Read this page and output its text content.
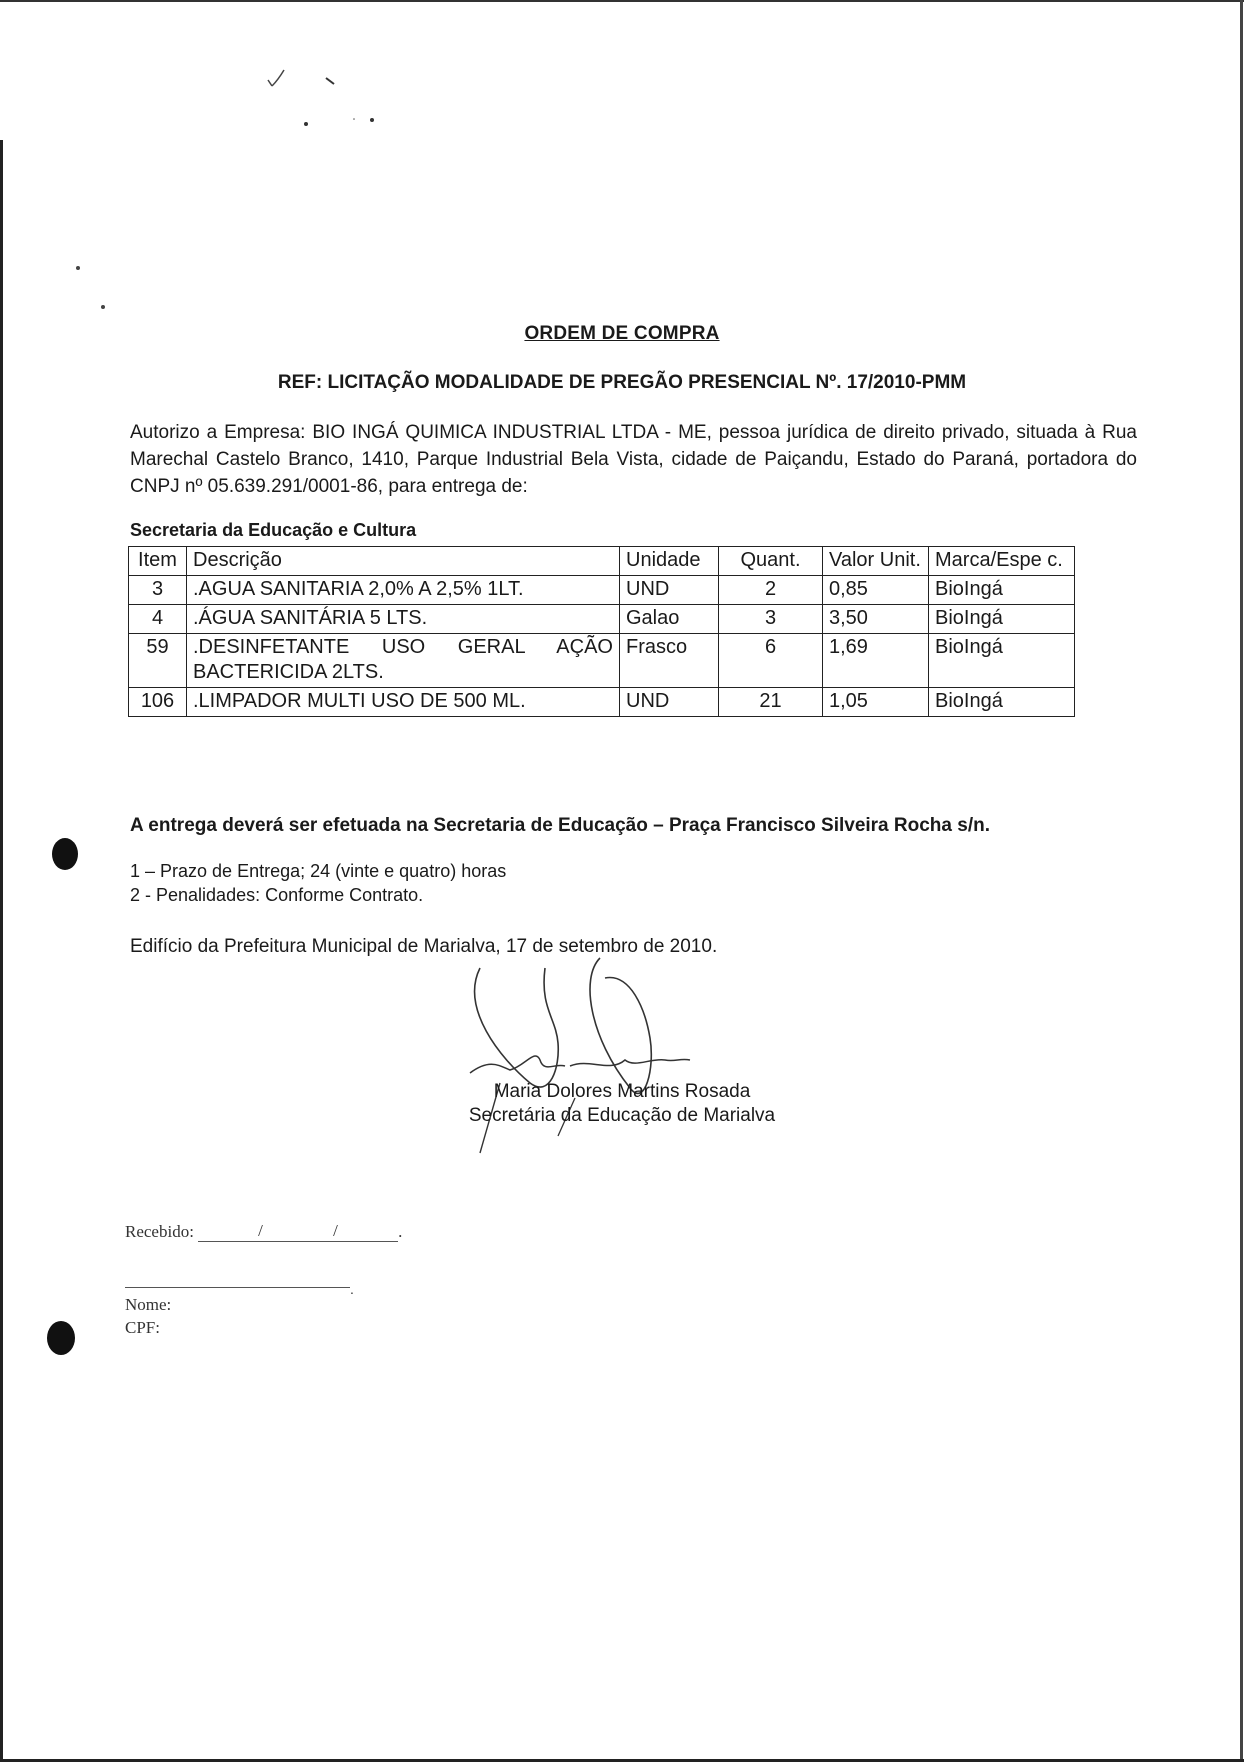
ORDEM DE COMPRA
REF: LICITAÇÃO MODALIDADE DE PREGÃO PRESENCIAL Nº. 17/2010-PMM
Autorizo a Empresa: BIO INGÁ QUIMICA INDUSTRIAL LTDA - ME, pessoa jurídica de direito privado, situada à Rua Marechal Castelo Branco, 1410, Parque Industrial Bela Vista, cidade de Paiçandu, Estado do Paraná, portadora do CNPJ nº 05.639.291/0001-86, para entrega de:
Secretaria da Educação e Cultura
Item	Descrição	Unidade	Quant.	Valor Unit.	Marca/Espe c.
3	.AGUA SANITARIA 2,0% A 2,5% 1LT.	UND	2	0,85	BioIngá
4	.ÁGUA SANITÁRIA 5 LTS.	Galao	3	3,50	BioIngá
59	.DESINFETANTE USO GERAL AÇÃO BACTERICIDA 2LTS.	Frasco	6	1,69	BioIngá
106	.LIMPADOR MULTI USO DE 500 ML.	UND	21	1,05	BioIngá
A entrega deverá ser efetuada na Secretaria de Educação – Praça Francisco Silveira Rocha s/n.
1 – Prazo de Entrega; 24 (vinte e quatro) horas
2 - Penalidades: Conforme Contrato.
Edifício da Prefeitura Municipal de Marialva, 17 de setembro de 2010.
Maria Dolores Martins Rosada
Secretária da Educação de Marialva
Recebido:	/	/	.
.
Nome:
CPF:
